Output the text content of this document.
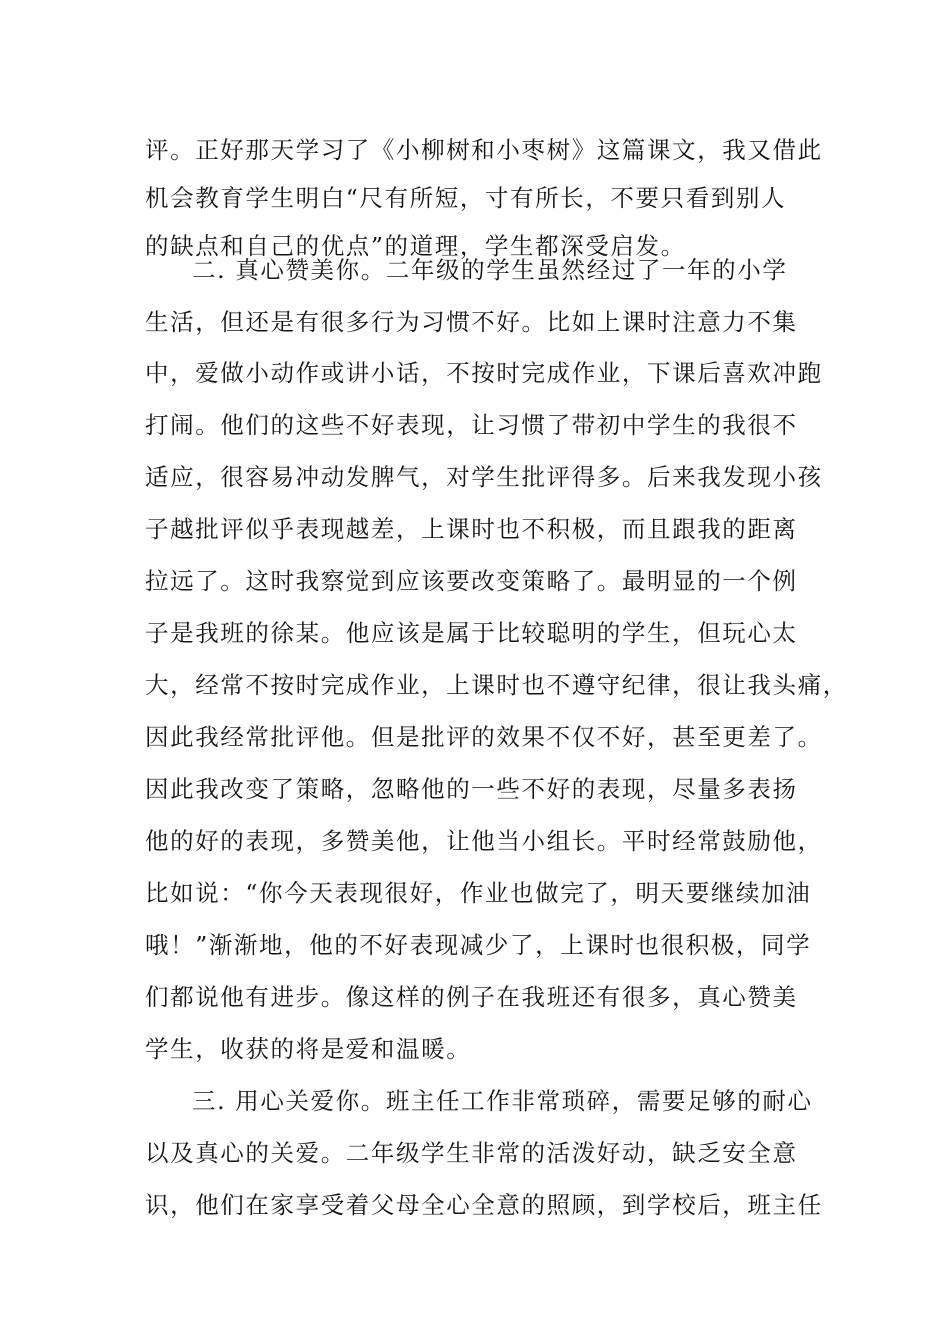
评。正好那天学习了《小柳树和小枣树》这篇课文，我又借此

机会教育学生明白“尺有所短，寸有所长，不要只看到别人

的缺点和自己的优点”的道理，学生都深受启发。

二. 真心赞美你。二年级的学生虽然经过了一年的小学

生活，但还是有很多行为习惯不好。比如上课时注意力不集

中，爱做小动作或讲小话，不按时完成作业，下课后喜欢冲跑

打闹。他们的这些不好表现，让习惯了带初中学生的我很不

适应，很容易冲动发脾气，对学生批评得多。后来我发现小孩

子越批评似乎表现越差，上课时也不积极，而且跟我的距离

拉远了。这时我察觉到应该要改变策略了。最明显的一个例

子是我班的徐某。他应该是属于比较聪明的学生，但玩心太

大，经常不按时完成作业，上课时也不遵守纪律，很让我头痛，

因此我经常批评他。但是批评的效果不仅不好，甚至更差了。

因此我改变了策略，忽略他的一些不好的表现，尽量多表扬

他的好的表现，多赞美他，让他当小组长。平时经常鼓励他，

比如说：“你今天表现很好，作业也做完了，明天要继续加油

哦！”渐渐地，他的不好表现减少了，上课时也很积极，同学

们都说他有进步。像这样的例子在我班还有很多，真心赞美

学生，收获的将是爱和温暖。

三. 用心关爱你。班主任工作非常琐碎，需要足够的耐心

以及真心的关爱。二年级学生非常的活泼好动，缺乏安全意

识，他们在家享受着父母全心全意的照顾，到学校后，班主任
